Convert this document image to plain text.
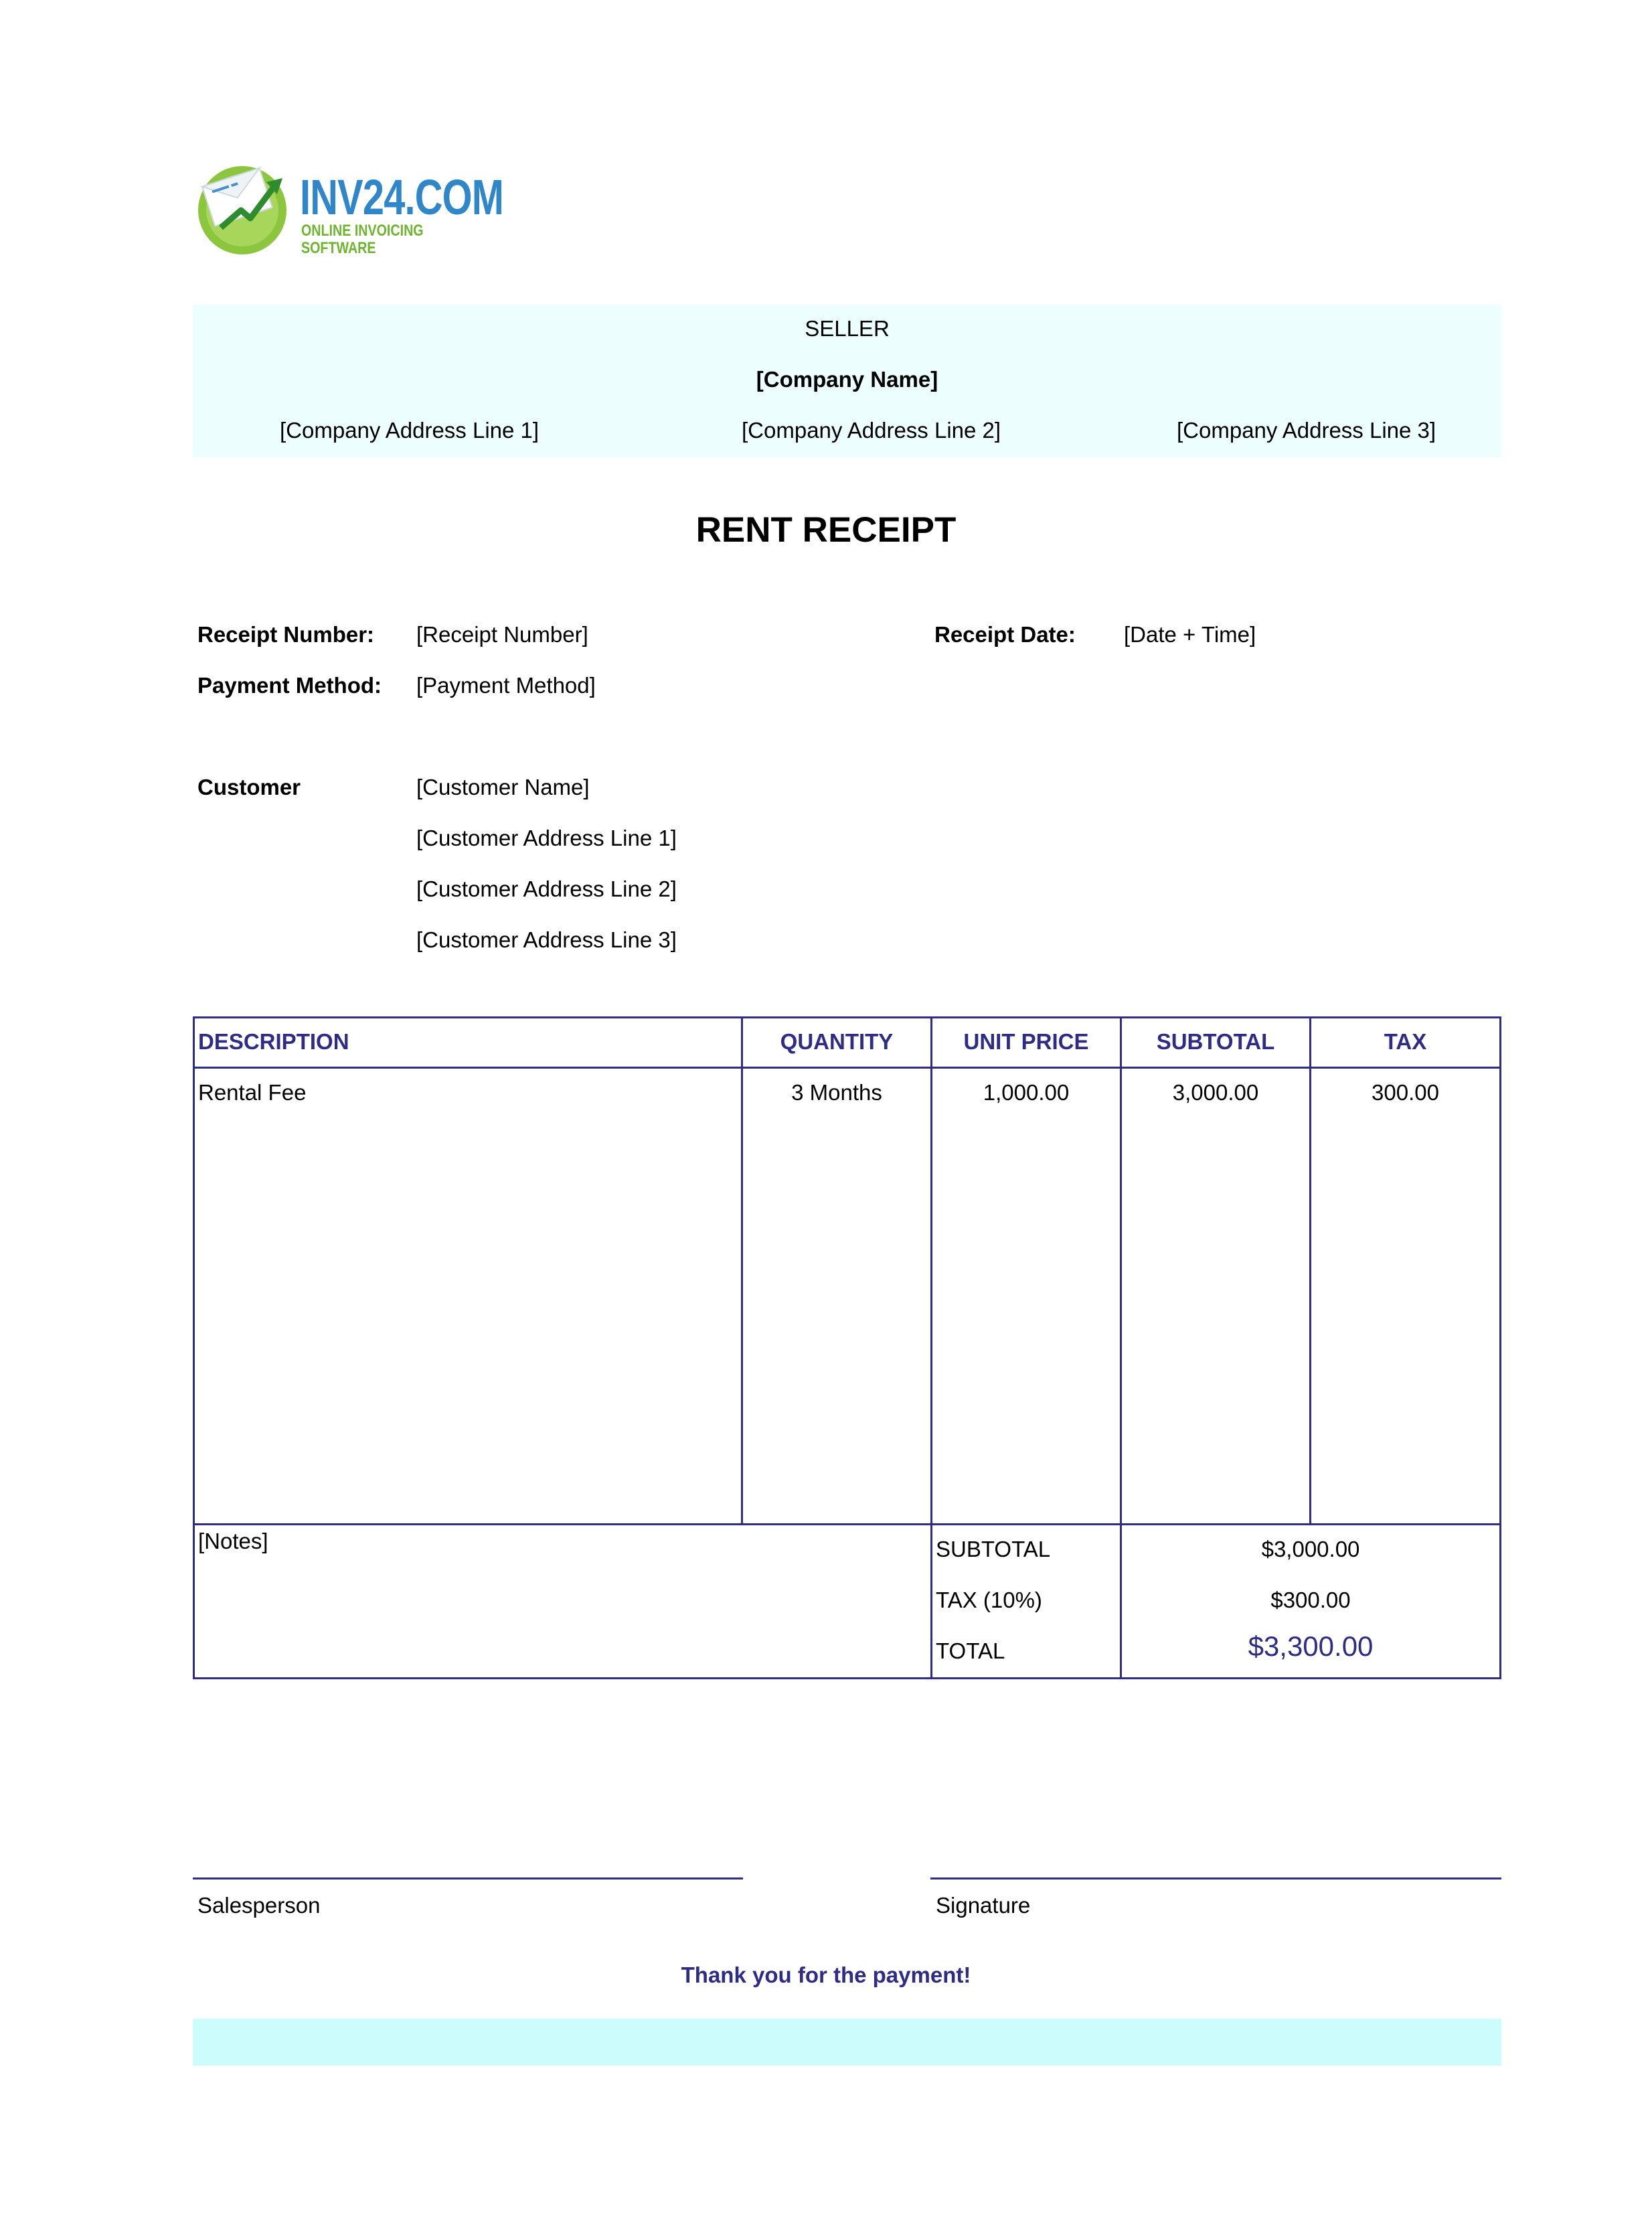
INV24.COM
ONLINE INVOICING SOFTWARE
SELLER
[Company Name]
[Company Address Line 1]	[Company Address Line 2]	[Company Address Line 3]
RENT RECEIPT
Receipt Number: [Receipt Number]	Receipt Date: [Date + Time]
Payment Method: [Payment Method]
Customer	[Customer Name]
[Customer Address Line 1]
[Customer Address Line 2]
[Customer Address Line 3]
DESCRIPTION	QUANTITY	UNIT PRICE	SUBTOTAL	TAX
Rental Fee	3 Months	1,000.00	3,000.00	300.00
[Notes]	SUBTOTAL	$3,000.00
TAX (10%)	$300.00
TOTAL	$3,300.00
Salesperson	Signature
Thank you for the payment!
